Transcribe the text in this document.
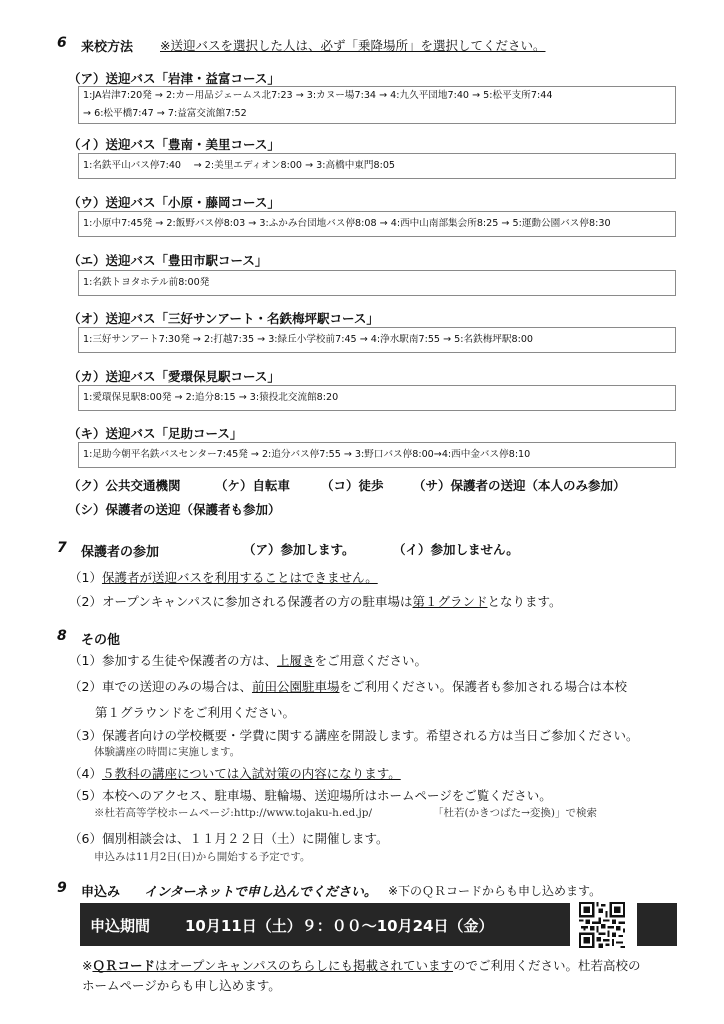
6 来校方法 ※送迎バスを選択した人は、必ず「乗降場所」を選択してください。
（ア）送迎バス「岩津・益富コース」
1:JA岩津7:20発 → 2:カー用品ジェームス北7:23 → 3:カヌー場7:34 → 4:九久平団地7:40 → 5:松平支所7:44
→ 6:松平橋7:47 → 7:益富交流館7:52
（イ）送迎バス「豊南・美里コース」
1:名鉄平山バス停7:40 　→ 2:美里エディオン8:00 → 3:高橋中東門8:05
（ウ）送迎バス「小原・藤岡コース」
1:小原中7:45発 → 2:飯野バス停8:03 → 3:ふかみ台団地バス停8:08 → 4:西中山南部集会所8:25 → 5:運動公園バス停8:30
（エ）送迎バス「豊田市駅コース」
1:名鉄トヨタホテル前8:00発
（オ）送迎バス「三好サンアート・名鉄梅坪駅コース」
1:三好サンアート7:30発 → 2:打越7:35 → 3:緑丘小学校前7:45 → 4:浄水駅南7:55 → 5:名鉄梅坪駅8:00
（カ）送迎バス「愛環保見駅コース」
1:愛環保見駅8:00発 → 2:追分8:15 → 3:猿投北交流館8:20
（キ）送迎バス「足助コース」
1:足助今朝平名鉄バスセンター7:45発 → 2:追分バス停7:55 → 3:野口バス停8:00→4:西中金バス停8:10
（ク）公共交通機関	（ケ）自転車 （コ）徒歩 （サ）保護者の送迎（本人のみ参加）
（シ）保護者の送迎（保護者も参加）
7 保護者の参加	（ア）参加します。	（イ）参加しません。
（1）保護者が送迎バスを利用することはできません。
（2）オープンキャンパスに参加される保護者の方の駐車場は第１グランドとなります。
8 その他
（1）参加する生徒や保護者の方は、上履きをご用意ください。
（2）車での送迎のみの場合は、前田公園駐車場をご利用ください。保護者も参加される場合は本校
第１グラウンドをご利用ください。
（3）保護者向けの学校概要・学費に関する講座を開設します。希望される方は当日ご参加ください。
体験講座の時間に実施します。
（4）５教科の講座については入試対策の内容になります。
（5）本校へのアクセス、駐車場、駐輪場、送迎場所はホームページをご覧ください。
※杜若高等学校ホームページ:http://www.tojaku-h.ed.jp/	「杜若(かきつばた→変換)」で検索
（6）個別相談会は、１１月２２日（土）に開催します。
申込みは11月2日(日)から開始する予定です。
9 申込み インターネットで申し込んでください。 ※下のＱＲコードからも申し込めます。
申込期間 10月11日（土）９：００～10月24日（金）
※ＱＲコードはオープンキャンパスのちらしにも掲載されていますのでご利用ください。杜若高校の
ホームページからも申し込めます。
